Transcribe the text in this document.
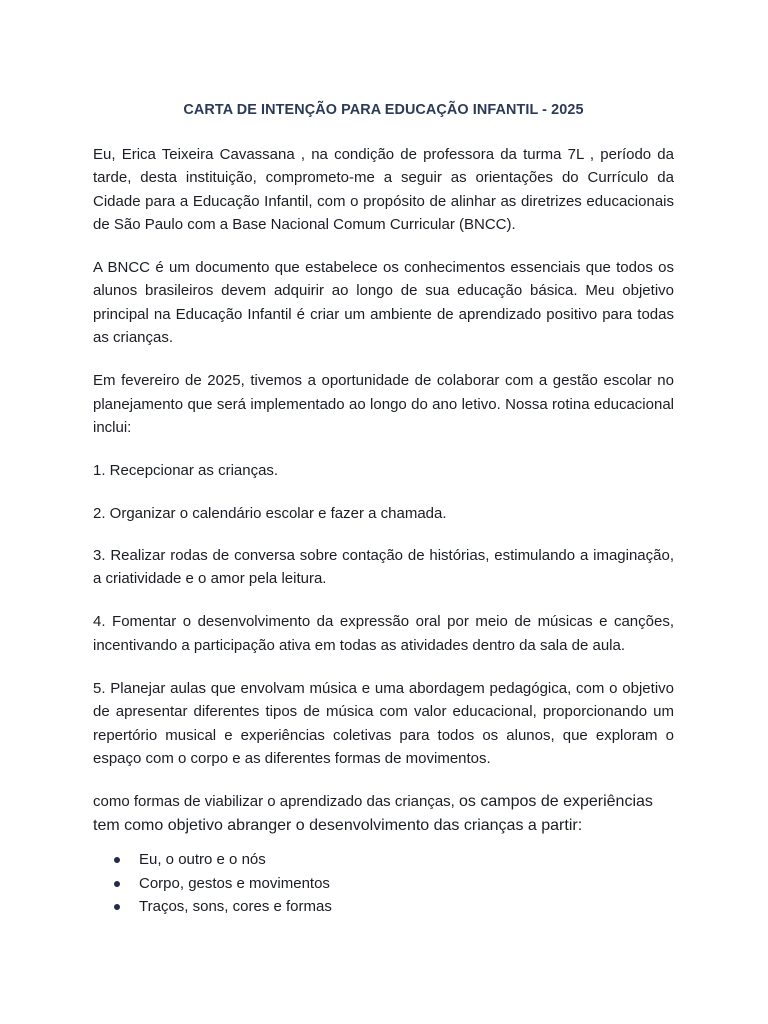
CARTA DE INTENÇÃO PARA EDUCAÇÃO INFANTIL - 2025

Eu, Erica Teixeira Cavassana , na condição de professora da turma 7L , período da tarde, desta instituição, comprometo-me a seguir as orientações do Currículo da Cidade para a Educação Infantil, com o propósito de alinhar as diretrizes educacionais de São Paulo com a Base Nacional Comum Curricular (BNCC).

A BNCC é um documento que estabelece os conhecimentos essenciais que todos os alunos brasileiros devem adquirir ao longo de sua educação básica. Meu objetivo principal na Educação Infantil é criar um ambiente de aprendizado positivo para todas as crianças.

Em fevereiro de 2025, tivemos a oportunidade de colaborar com a gestão escolar no planejamento que será implementado ao longo do ano letivo. Nossa rotina educacional inclui:

1. Recepcionar as crianças.

2. Organizar o calendário escolar e fazer a chamada.

3. Realizar rodas de conversa sobre contação de histórias, estimulando a imaginação, a criatividade e o amor pela leitura.

4. Fomentar o desenvolvimento da expressão oral por meio de músicas e canções, incentivando a participação ativa em todas as atividades dentro da sala de aula.

5. Planejar aulas que envolvam música e uma abordagem pedagógica, com o objetivo de apresentar diferentes tipos de música com valor educacional, proporcionando um repertório musical e experiências coletivas para todos os alunos, que exploram o espaço com o corpo e as diferentes formas de movimentos.

como formas de viabilizar o aprendizado das crianças, os campos de experiências tem como objetivo abranger o desenvolvimento das crianças a partir:

Eu, o outro e o nós
Corpo, gestos e movimentos
Traços, sons, cores e formas
